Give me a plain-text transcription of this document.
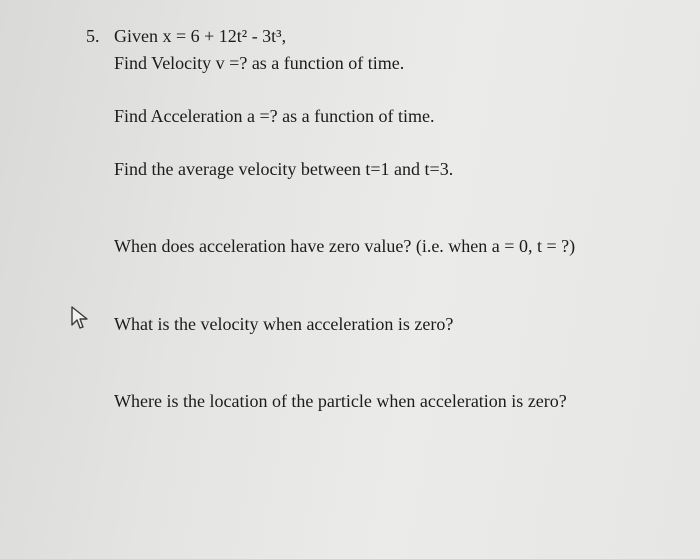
5. Given x = 6 + 12t² - 3t³,
Find Velocity v =? as a function of time.
Find Acceleration a =? as a function of time.
Find the average velocity between t=1 and t=3.
When does acceleration have zero value? (i.e. when a = 0, t = ?)
What is the velocity when acceleration is zero?
Where is the location of the particle when acceleration is zero?
